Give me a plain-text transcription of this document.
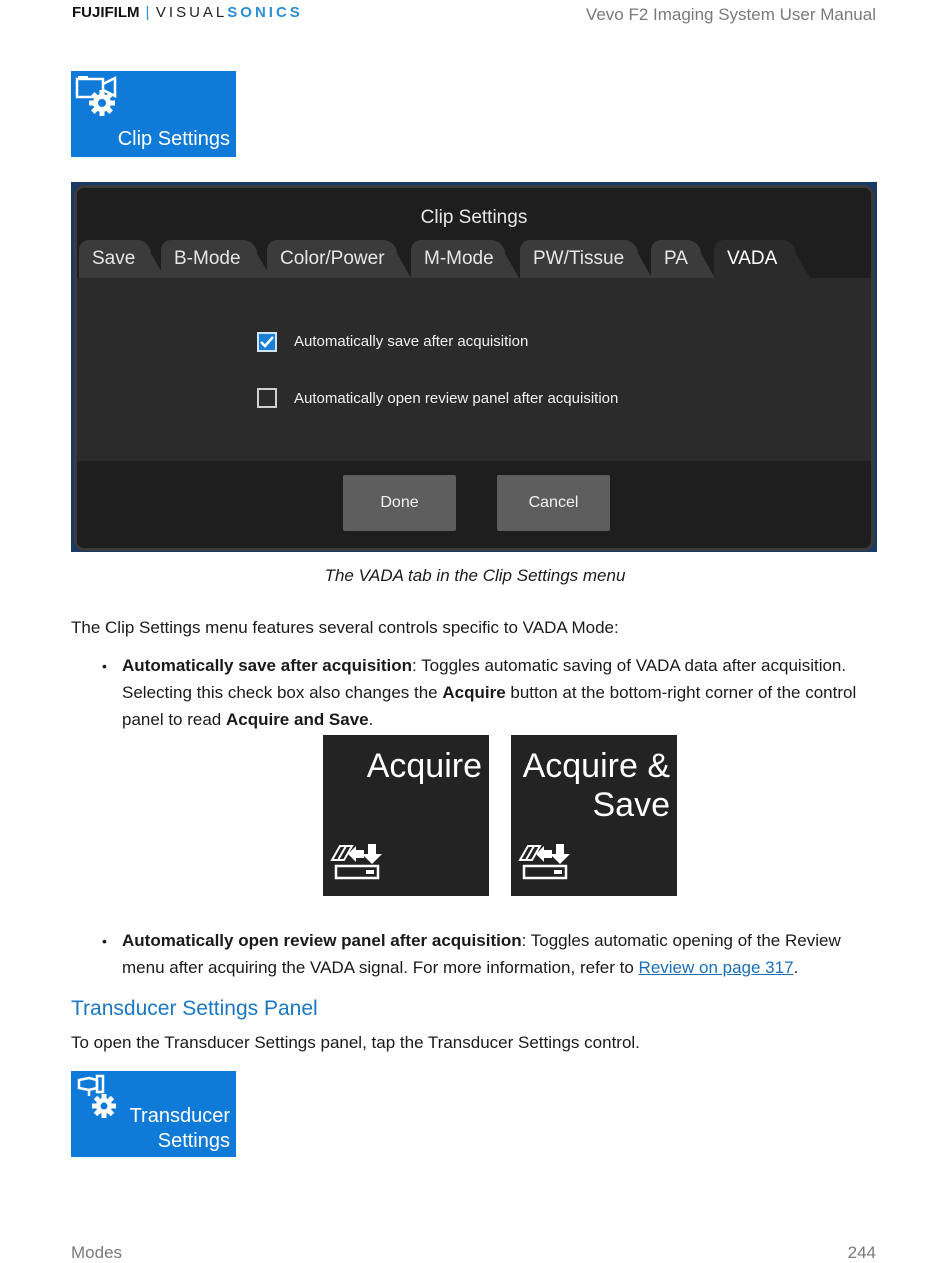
FUJIFILM | VISUALSONICS	Vevo F2 Imaging System User Manual
Clip Settings
Clip Settings
Save	B-Mode	Color/Power	M-Mode	PW/Tissue	PA	VADA
Automatically save after acquisition
Automatically open review panel after acquisition
Done	Cancel
The VADA tab in the Clip Settings menu
The Clip Settings menu features several controls specific to VADA Mode:
• Automatically save after acquisition: Toggles automatic saving of VADA data after acquisition. Selecting this check box also changes the Acquire button at the bottom-right corner of the control panel to read Acquire and Save.
Acquire Acquire &
Save
• Automatically open review panel after acquisition: Toggles automatic opening of the Review menu after acquiring the VADA signal. For more information, refer to Review on page 317.
Transducer Settings Panel
To open the Transducer Settings panel, tap the Transducer Settings control.
Transducer
Settings
Modes	244
